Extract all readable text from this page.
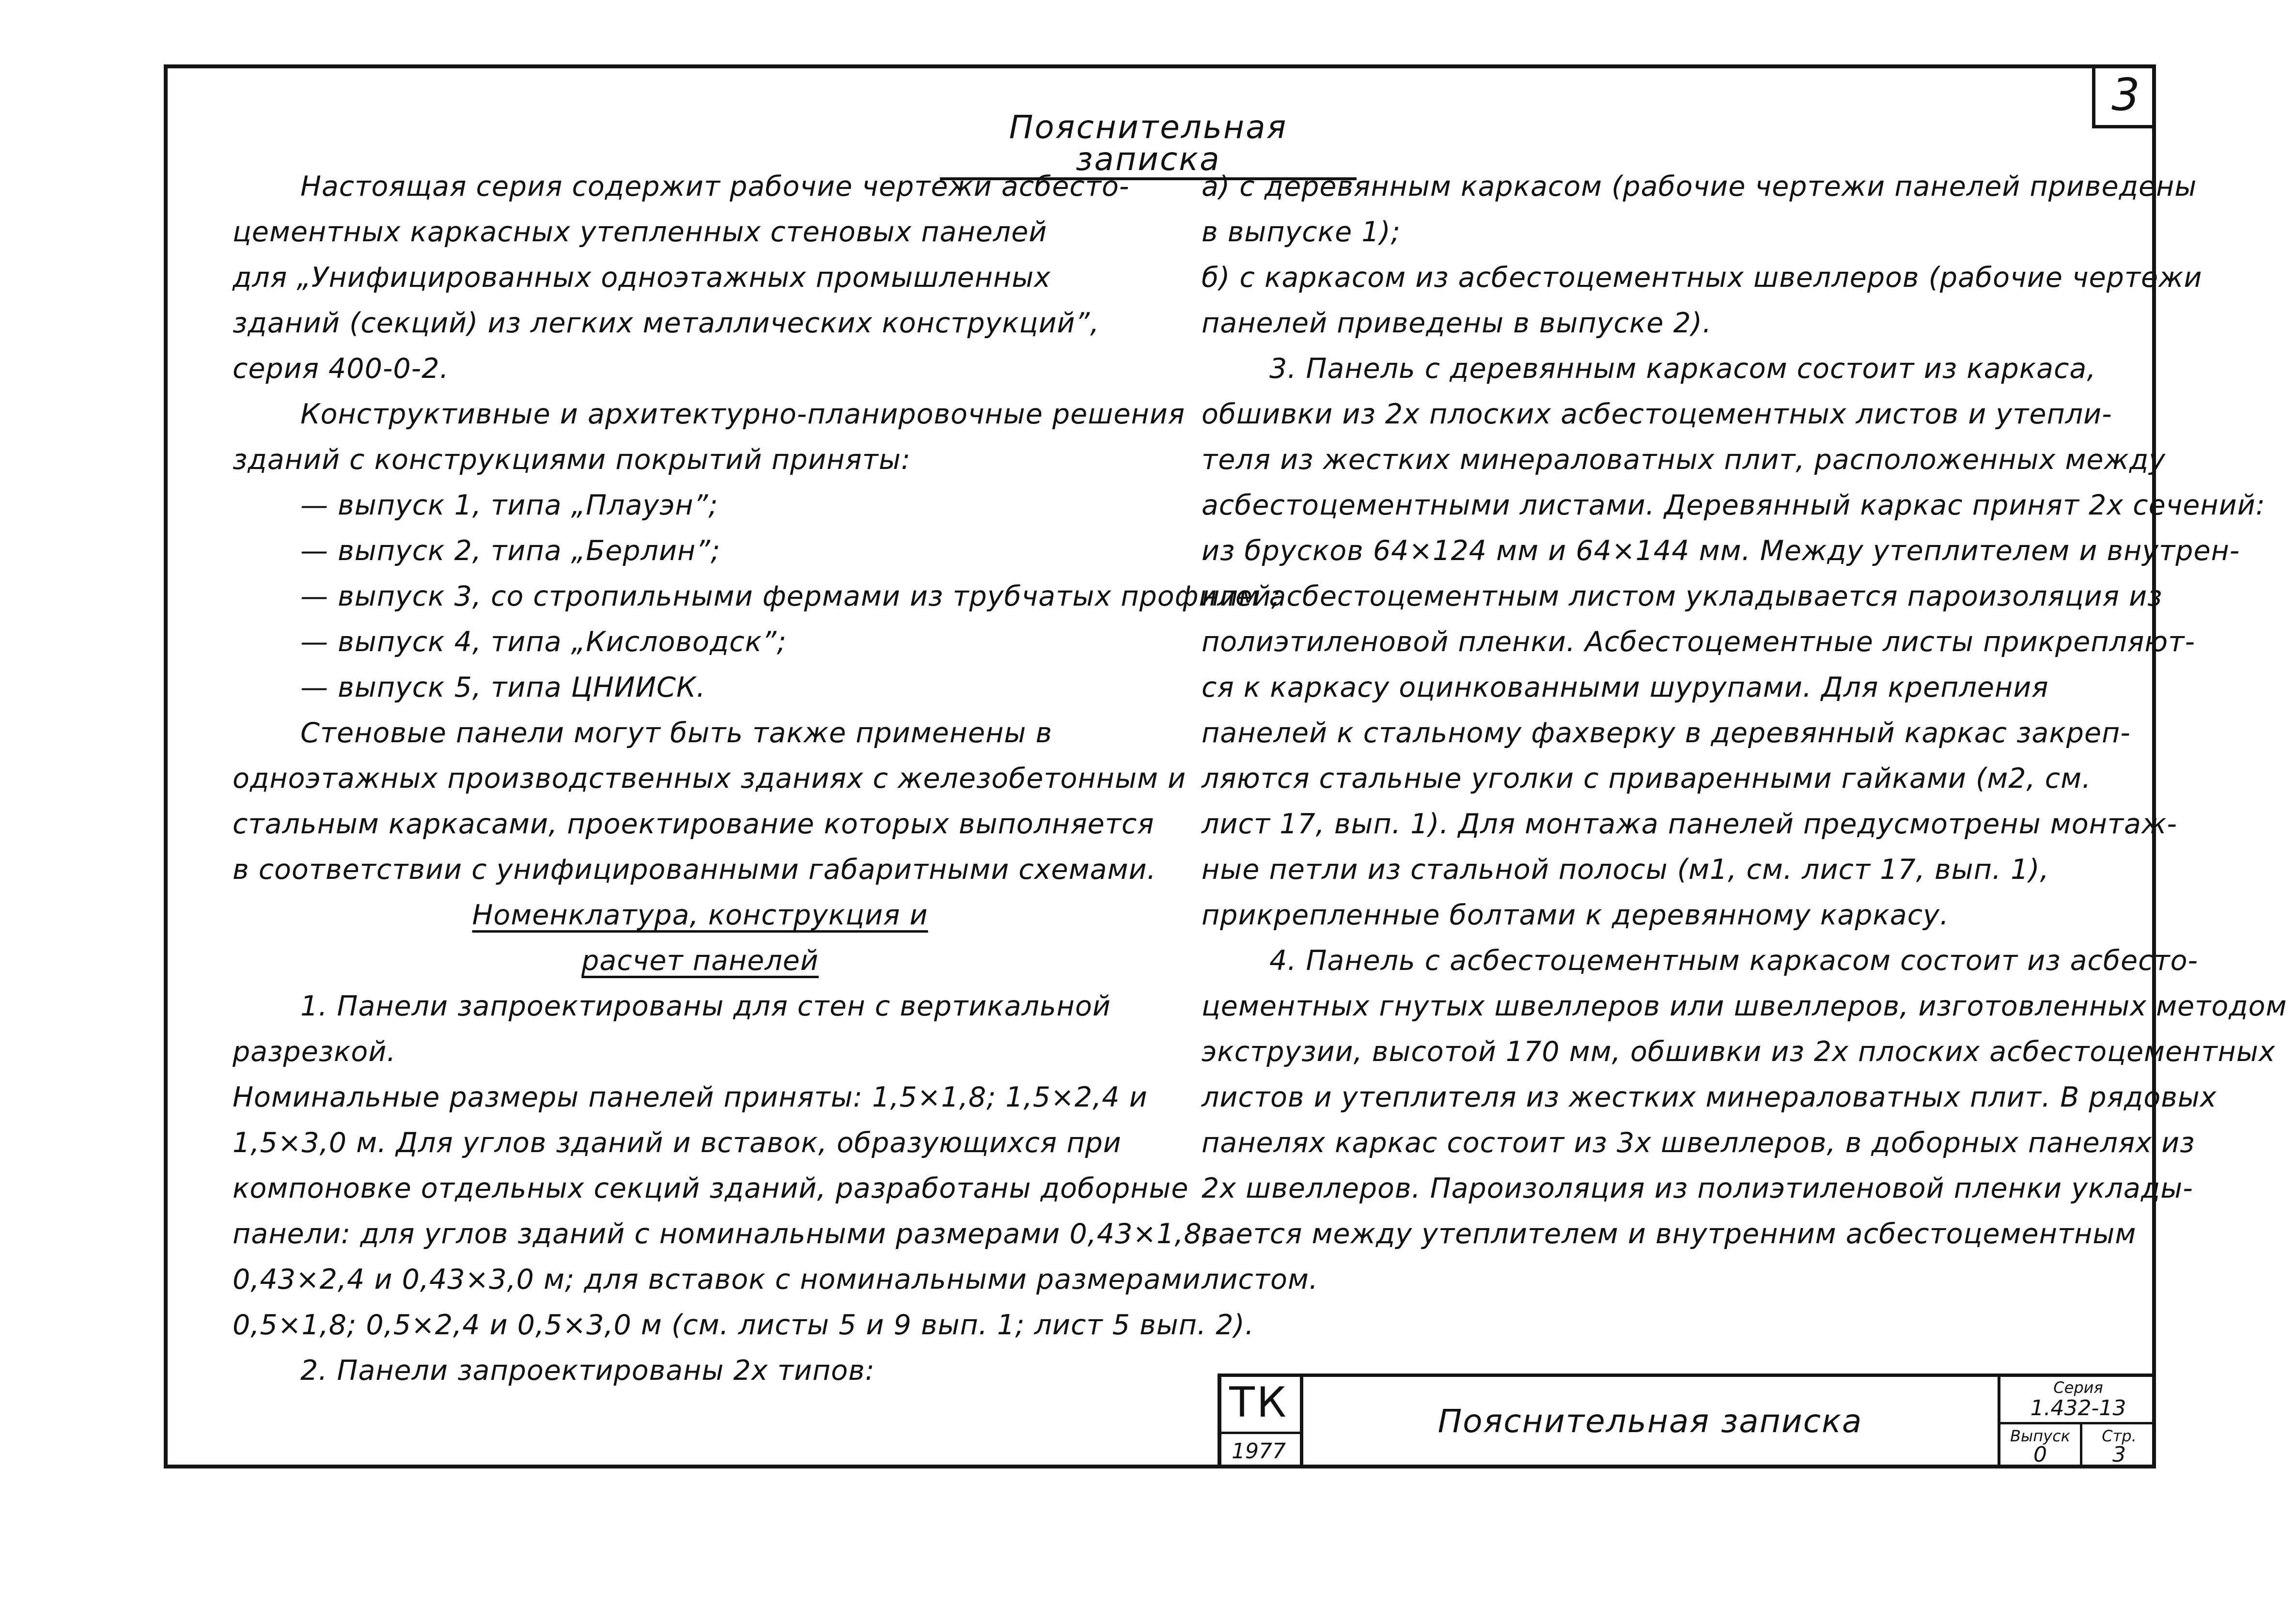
3
Пояснительная записка
Настоящая серия содержит рабочие чертежи асбесто-
цементных каркасных утепленных стеновых панелей
для „Унифицированных одноэтажных промышленных
зданий (секций) из легких металлических конструкций”,
серия 400-0-2.
Конструктивные и архитектурно-планировочные решения
зданий с конструкциями покрытий приняты:
— выпуск 1, типа „Плауэн”;
— выпуск 2, типа „Берлин”;
— выпуск 3, со стропильными фермами из трубчатых профилей;
— выпуск 4, типа „Кисловодск”;
— выпуск 5, типа ЦНИИСК.
Стеновые панели могут быть также применены в
одноэтажных производственных зданиях с железобетонным и
стальным каркасами, проектирование которых выполняется
в соответствии с унифицированными габаритными схемами.
Номенклатура, конструкция и
расчет панелей
1. Панели запроектированы для стен с вертикальной
разрезкой.
Номинальные размеры панелей приняты: 1,5×1,8; 1,5×2,4 и
1,5×3,0 м. Для углов зданий и вставок, образующихся при
компоновке отдельных секций зданий, разработаны доборные
панели: для углов зданий с номинальными размерами 0,43×1,8;
0,43×2,4 и 0,43×3,0 м; для вставок с номинальными размерами
0,5×1,8; 0,5×2,4 и 0,5×3,0 м (см. листы 5 и 9 вып. 1; лист 5 вып. 2).
2. Панели запроектированы 2х типов:
а) с деревянным каркасом (рабочие чертежи панелей приведены
в выпуске 1);
б) с каркасом из асбестоцементных швеллеров (рабочие чертежи
панелей приведены в выпуске 2).
3. Панель с деревянным каркасом состоит из каркаса,
обшивки из 2х плоских асбестоцементных листов и утепли-
теля из жестких минераловатных плит, расположенных между
асбестоцементными листами. Деревянный каркас принят 2х сечений:
из брусков 64×124 мм и 64×144 мм. Между утеплителем и внутрен-
ним асбестоцементным листом укладывается пароизоляция из
полиэтиленовой пленки. Асбестоцементные листы прикрепляют-
ся к каркасу оцинкованными шурупами. Для крепления
панелей к стальному фахверку в деревянный каркас закреп-
ляются стальные уголки с приваренными гайками (м2, см.
лист 17, вып. 1). Для монтажа панелей предусмотрены монтаж-
ные петли из стальной полосы (м1, см. лист 17, вып. 1),
прикрепленные болтами к деревянному каркасу.
4. Панель с асбестоцементным каркасом состоит из асбесто-
цементных гнутых швеллеров или швеллеров, изготовленных методом
экструзии, высотой 170 мм, обшивки из 2х плоских асбестоцементных
листов и утеплителя из жестких минераловатных плит. В рядовых
панелях каркас состоит из 3х швеллеров, в доборных панелях из
2х швеллеров. Пароизоляция из полиэтиленовой пленки уклады-
вается между утеплителем и внутренним асбестоцементным
листом.
ТК
1977
Пояснительная записка
Серия
1.432-13
Выпуск
0
Стр.
3
